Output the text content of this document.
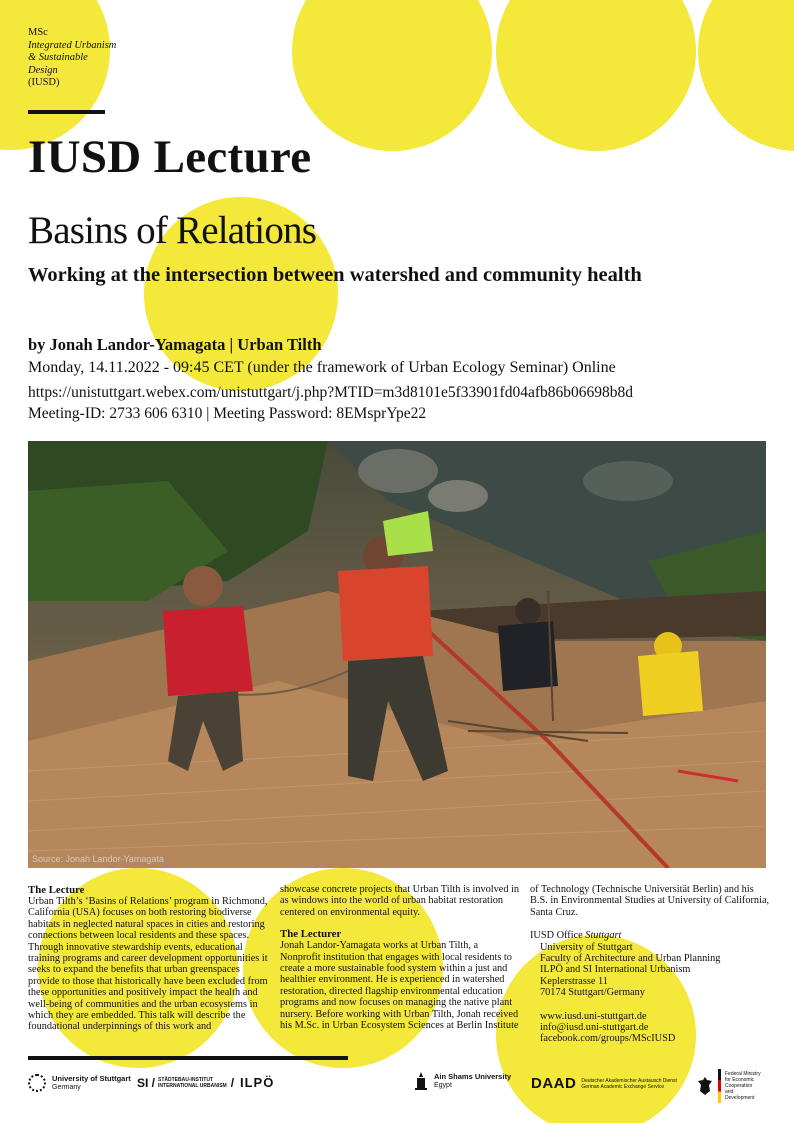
MSc
Integrated Urbanism
& Sustainable
Design
(IUSD)
IUSD Lecture
Basins of Relations
Working at the intersection between watershed and community health
by Jonah Landor-Yamagata | Urban Tilth
Monday, 14.11.2022 - 09:45 CET (under the framework of Urban Ecology Seminar) Online
https://unistuttgart.webex.com/unistuttgart/j.php?MTID=m3d8101e5f33901fd04afb86b06698b8d
Meeting-ID: 2733 606 6310 | Meeting Password: 8EMsprYpe22
Source: Jonah Landor-Yamagata
The Lecture

Urban Tilth’s ‘Basins of Relations’ program in Richmond, California (USA) focuses on both restoring biodiverse habitats in neglected natural spaces in cities and restoring connections between local residents and these spaces. Through innovative stewardship events, educational training programs and career development opportunities it seeks to expand the benefits that urban greenspaces provide to those that historically have been excluded from these opportunities and positively impact the health and well-being of communities and the urban ecosystems in which they are embedded. This talk will describe the foundational underpinnings of this work and

showcase concrete projects that Urban Tilth is involved in as windows into the world of urban habitat restoration centered on environmental equity.

The Lecturer

Jonah Landor-Yamagata works at Urban Tilth, a Nonprofit institution that engages with local residents to create a more sustainable food system within a just and healthier environment. He is experienced in watershed restoration, directed flagship environmental education programs and now focuses on managing the native plant nursery. Before working with Urban Tilth, Jonah received his M.Sc. in Urban Ecosystem Sciences at Berlin Institute

of Technology (Technische Universität Berlin) and his B.S. in Environmental Studies at University of California, Santa Cruz.

IUSD Office Stuttgart
University of Stuttgart
Faculty of Architecture and Urban Planning
ILPÖ and SI International Urbanism
Keplerstrasse 11
70174 Stuttgart/Germany
www.iusd.uni-stuttgart.de
info@iusd.uni-stuttgart.de
facebook.com/groups/MScIUSD
University of Stuttgart
Germany	SI / STÄDTEBAU-INSTITUT
INTERNATIONAL URBANISM / ILPÖ	Ain Shams University
Egypt	DAAD Deutscher Akademischer Austausch Dienst
German Academic Exchange Service
Federal Ministry
for Economic
Cooperation
and
Development
